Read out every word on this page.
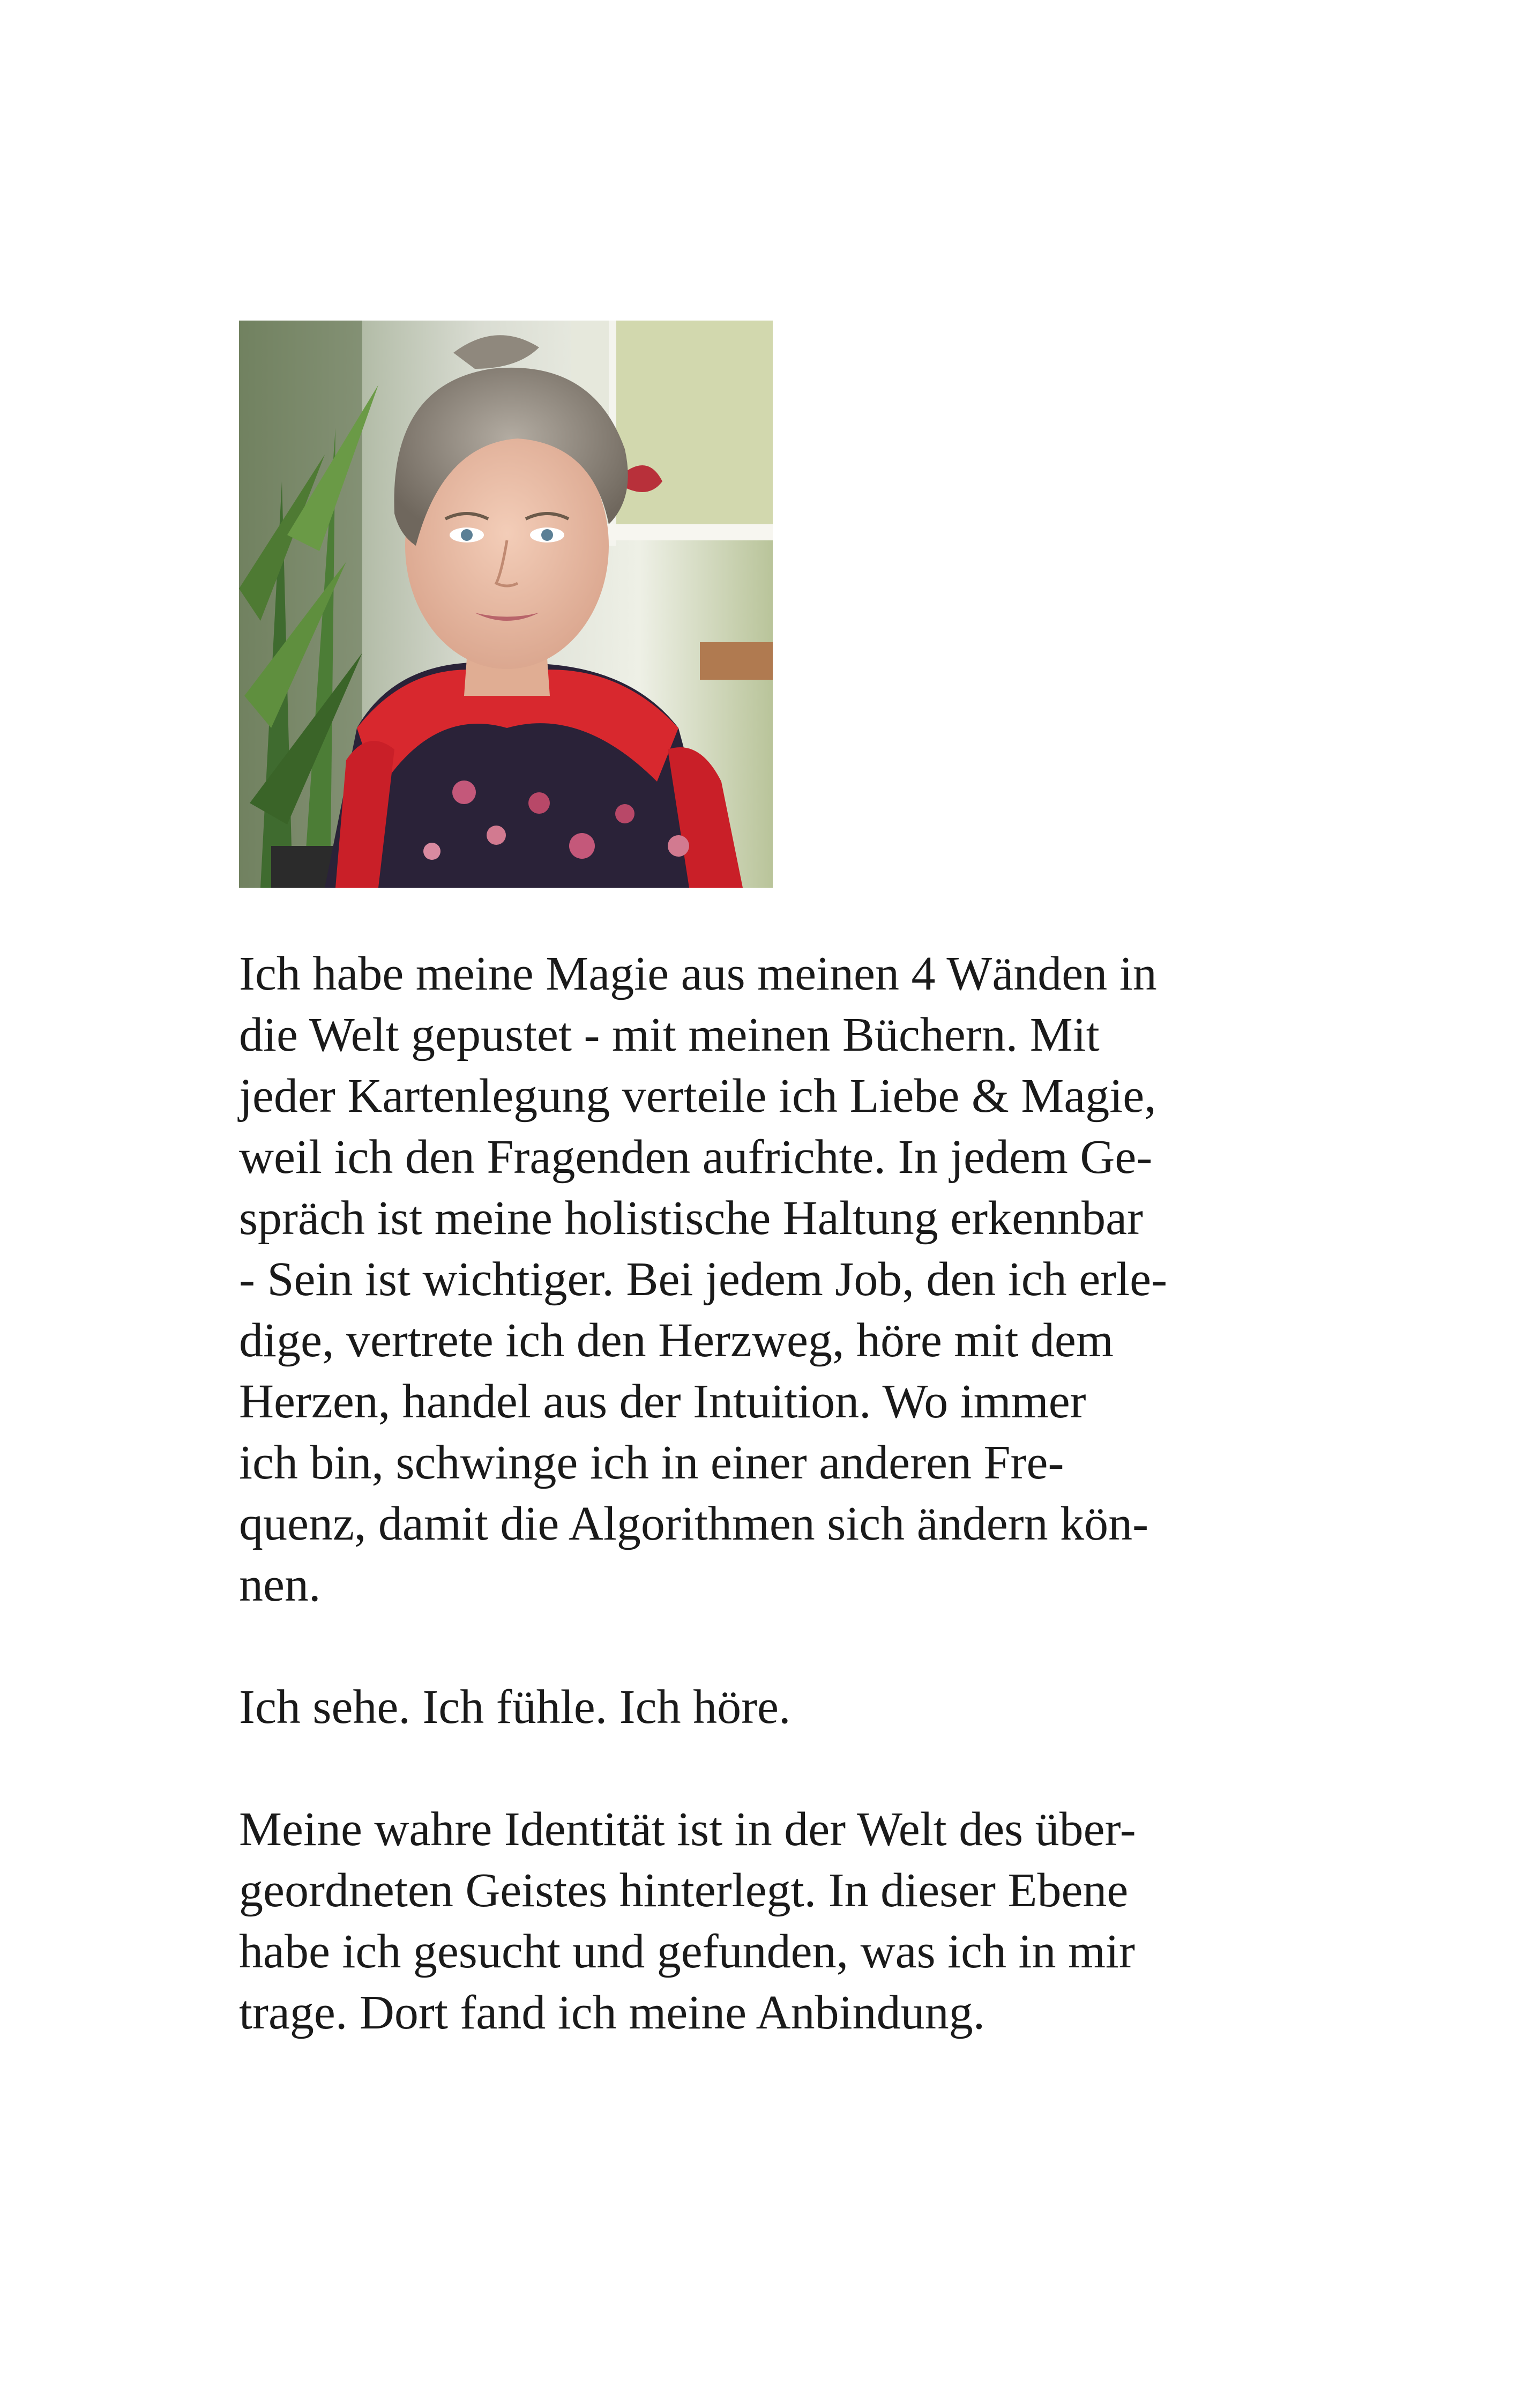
Ich habe meine Magie aus meinen 4 Wänden in
die Welt gepustet - mit meinen Büchern. Mit
jeder Kartenlegung verteile ich Liebe & Magie,
weil ich den Fragenden aufrichte. In jedem Ge-
spräch ist meine holistische Haltung erkennbar
- Sein ist wichtiger. Bei jedem Job, den ich erle-
dige, vertrete ich den Herzweg, höre mit dem
Herzen, handel aus der Intuition. Wo immer
ich bin, schwinge ich in einer anderen Fre-
quenz, damit die Algorithmen sich ändern kön-
nen.
Ich sehe. Ich fühle. Ich höre.
Meine wahre Identität ist in der Welt des über-
geordneten Geistes hinterlegt. In dieser Ebene
habe ich gesucht und gefunden, was ich in mir
trage. Dort fand ich meine Anbindung.
